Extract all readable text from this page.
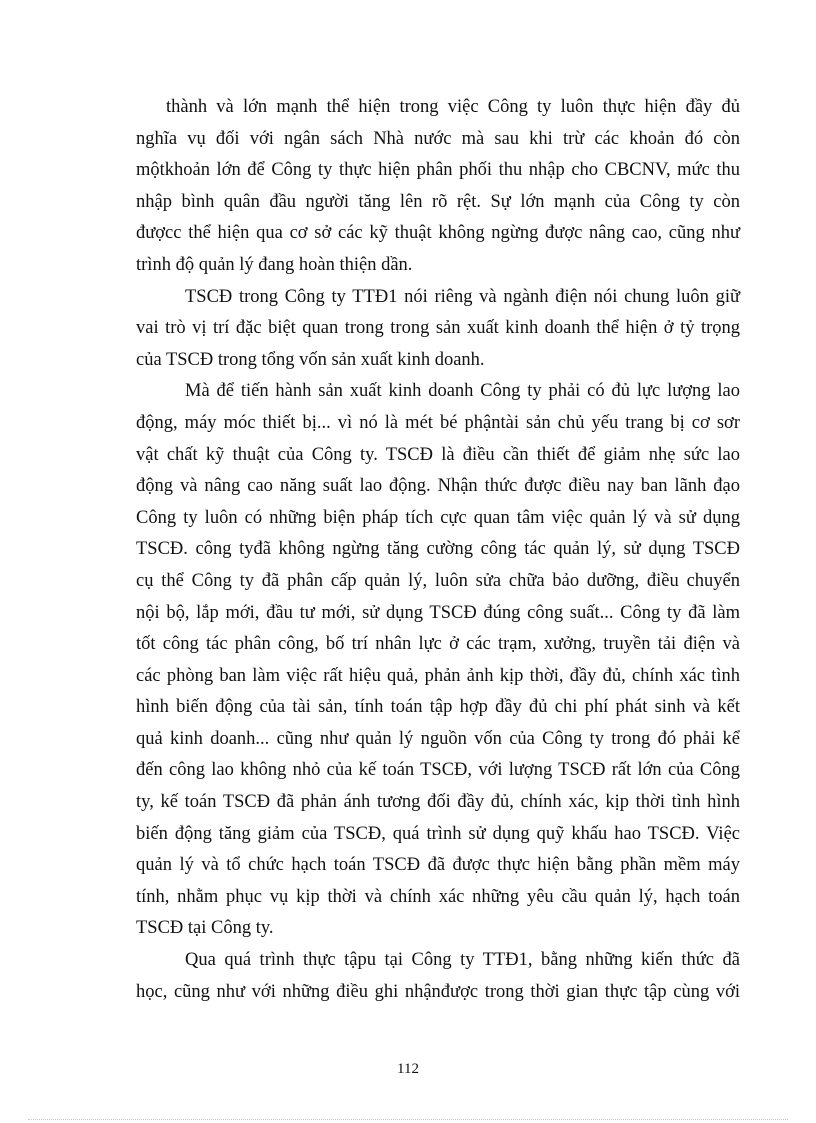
thành và lớn mạnh thể hiện trong việc Công ty luôn thực hiện đầy đủ
nghĩa vụ đối với ngân sách Nhà nước mà sau khi trừ các khoản đó còn
mộtkhoản lớn để Công ty thực hiện phân phối thu nhập cho CBCNV, mức thu
nhập bình quân đầu người tăng lên rõ rệt. Sự lớn mạnh của Công ty còn
đượcc thể hiện qua cơ sở các kỹ thuật không ngừng được nâng cao, cũng như
trình độ quản lý đang hoàn thiện dần.
TSCĐ trong Công ty TTĐ1 nói riêng và ngành điện nói chung luôn giữ
vai trò vị trí đặc biệt quan trong trong sản xuất kinh doanh thể hiện ở tỷ trọng
của TSCĐ trong tổng vốn sản xuất kinh doanh.
Mà để tiến hành sản xuất kinh doanh Công ty phải có đủ lực lượng lao
động, máy móc thiết bị... vì nó là mét bé phậntài sản chủ yếu trang bị cơ sơr
vật chất kỹ thuật của Công ty. TSCĐ là điều cần thiết để giảm nhẹ sức lao
động và nâng cao năng suất lao động. Nhận thức được điều nay ban lãnh đạo
Công ty luôn có những biện pháp tích cực quan tâm việc quản lý và sử dụng
TSCĐ. công tyđã không ngừng tăng cường công tác quản lý, sử dụng TSCĐ
cụ thể Công ty đã phân cấp quản lý, luôn sửa chữa bảo dưỡng, điều chuyển
nội bộ, lắp mới, đầu tư mới, sử dụng TSCĐ đúng công suất... Công ty đã làm
tốt công tác phân công, bố trí nhân lực ở các trạm, xưởng, truyền tải điện và
các phòng ban làm việc rất hiệu quả, phản ảnh kịp thời, đầy đủ, chính xác tình
hình biến động của tài sản, tính toán tập hợp đầy đủ chi phí phát sinh và kết
quả kinh doanh... cũng như quản lý nguồn vốn của Công ty trong đó phải kể
đến công lao không nhỏ của kế toán TSCĐ, với lượng TSCĐ rất lớn của Công
ty, kế toán TSCĐ đã phản ánh tương đối đầy đủ, chính xác, kịp thời tình hình
biến động tăng giảm của TSCĐ, quá trình sử dụng quỹ khấu hao TSCĐ. Việc
quản lý và tổ chức hạch toán TSCĐ đã được thực hiện bằng phần mềm máy
tính, nhằm phục vụ kịp thời và chính xác những yêu cầu quản lý, hạch toán
TSCĐ tại Công ty.
Qua quá trình thực tậpu tại Công ty TTĐ1, bằng những kiến thức đã
học, cũng như với những điều ghi nhậnđược trong thời gian thực tập cùng với
112
